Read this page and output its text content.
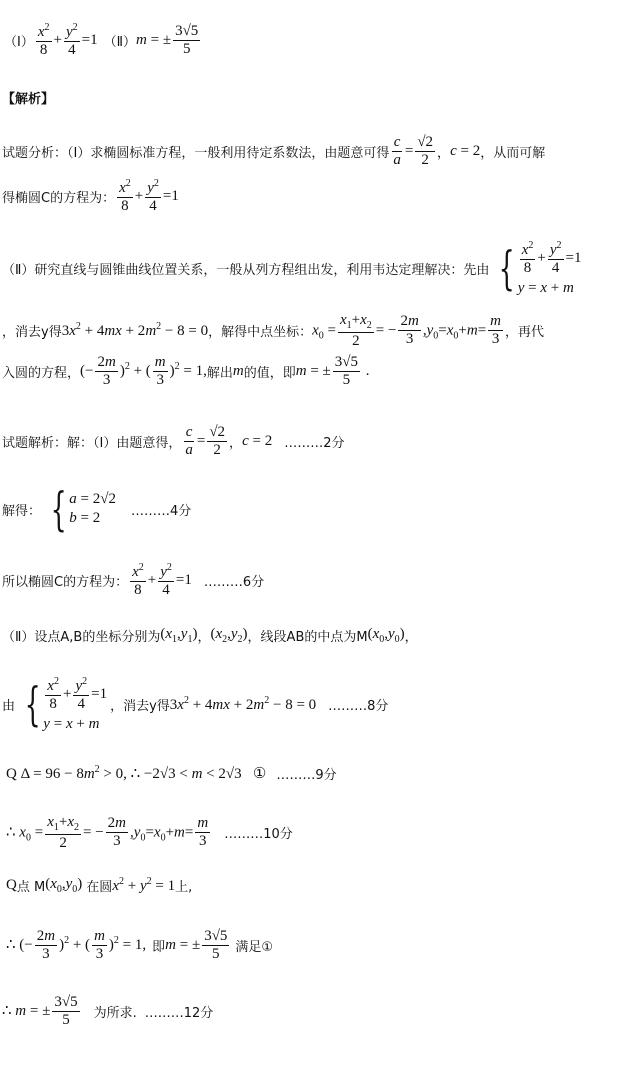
（Ⅰ） $\frac{x^2}{8} + \frac{y^2}{4} =1$ （Ⅱ） m = ± $\frac{3√5}{5}$
【解析】
试题分析：（Ⅰ）求椭圆标准方程，一般利用待定系数法，由题意可得 $\frac{c}{a} = \frac{√2}{2}$ ， c = 2 ，从而可解
得椭圆C的方程为： $\frac{x^2}{8} + \frac{y^2}{4} =1$
（Ⅱ）研究直线与圆锥曲线位置关系，一般从列方程组出发，利用韦达定理解决：先由 { $\frac{x^2}{8} + \frac{y^2}{4} =1$
y = x + m
，消去y得 $3x^2 + 4mx + 2m^2 - 8 = 0$ ，解得中点坐标： $x_0 = \frac{x_1+x_2}{2}$ = − $\frac{2m}{3} ,y_0=x_0+m= \frac{m}{3}$ ，再代
入圆的方程， (− $\frac{2m}{3} )^2$ + ( $\frac{m}{3} )^2 = 1$, 解出 m 的值，即 m = ± $\frac{3√5}{5}$ .
试题解析：解：（Ⅰ）由题意得， $\frac{c}{a} = \frac{√2}{2}$ ， c = 2 ………2分
解得： { a = 2√2
b = 2	………4分
所以椭圆C的方程为： $\frac{x^2}{8} + \frac{y^2}{4} =1$ ………6分
（Ⅱ）设点A,B的坐标分别为 $(x_1,y_1)$ ， $(x_2,y_2)$ ，线段AB的中点为M $(x_0,y_0)$ ，
由 { $\frac{x^2}{8} + \frac{y^2}{4} =1$
y = x + m
，消去y得 $3x^2 + 4mx + 2m^2 - 8 = 0$ ………8分
Q $\Delta = 96 - 8m^2 > 0$, ∴ −2√3 < m < 2√3   ① ………9分
∴ $x_0 = \frac{x_1+x_2}{2}$ = − $\frac{2m}{3} ,y_0=x_0+m= \frac{m}{3}$ ………10分
Q 点 M $(x_0,y_0)$ 在圆 $x^2 + y^2 = 1$ 上,
∴ (− $\frac{2m}{3} )^2$ + ( $\frac{m}{3} )^2 = 1$, 即 m = ± $\frac{3√5}{5}$ 满足①
∴ m = ± $\frac{3√5}{5}$ 为所求. ………12分
